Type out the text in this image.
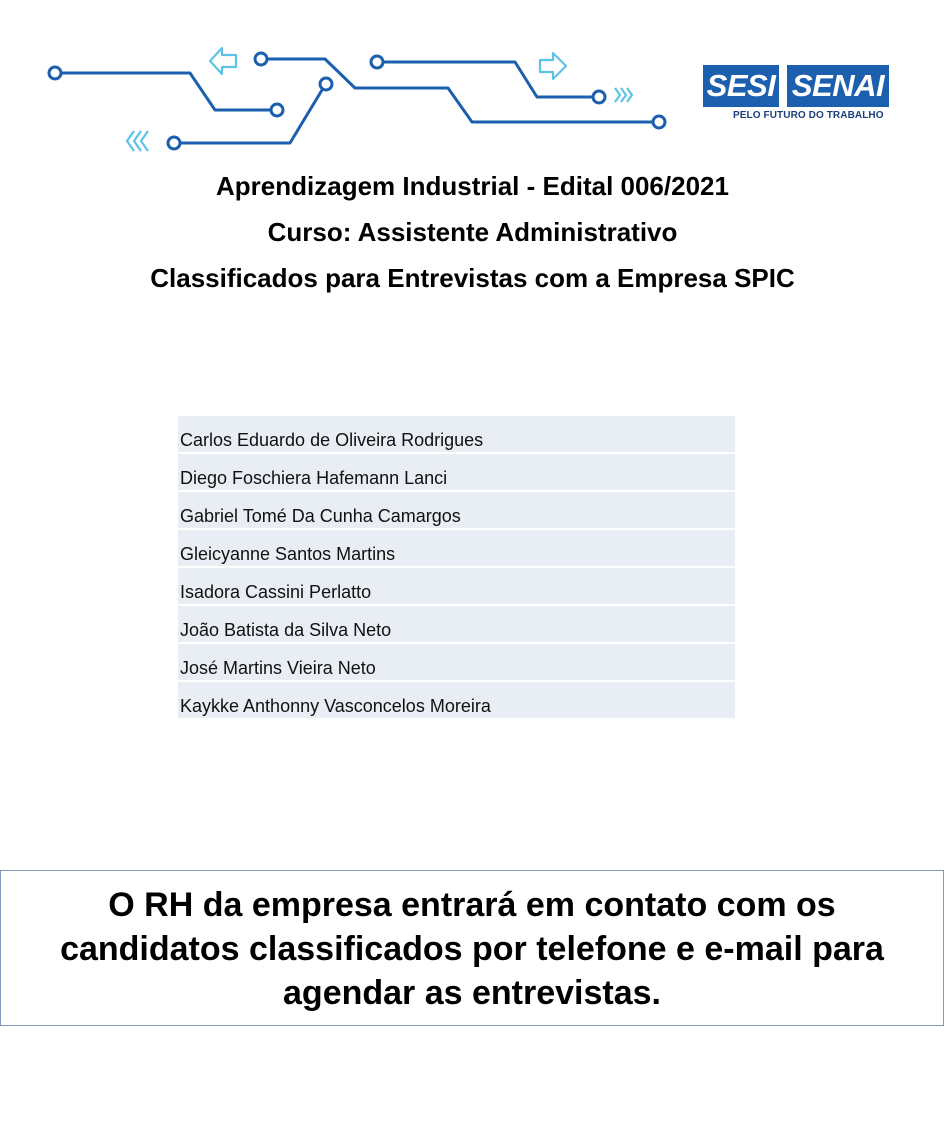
SESI SENAI
PELO FUTURO DO TRABALHO
Aprendizagem Industrial - Edital 006/2021
Curso: Assistente Administrativo
Classificados para Entrevistas com a Empresa SPIC
Carlos Eduardo de Oliveira Rodrigues
Diego Foschiera Hafemann Lanci
Gabriel Tomé Da Cunha Camargos
Gleicyanne Santos Martins
Isadora Cassini Perlatto
João Batista da Silva Neto
José Martins Vieira Neto
Kaykke Anthonny Vasconcelos Moreira
O RH da empresa entrará em contato com os
candidatos classificados por telefone e e-mail para
agendar as entrevistas.
